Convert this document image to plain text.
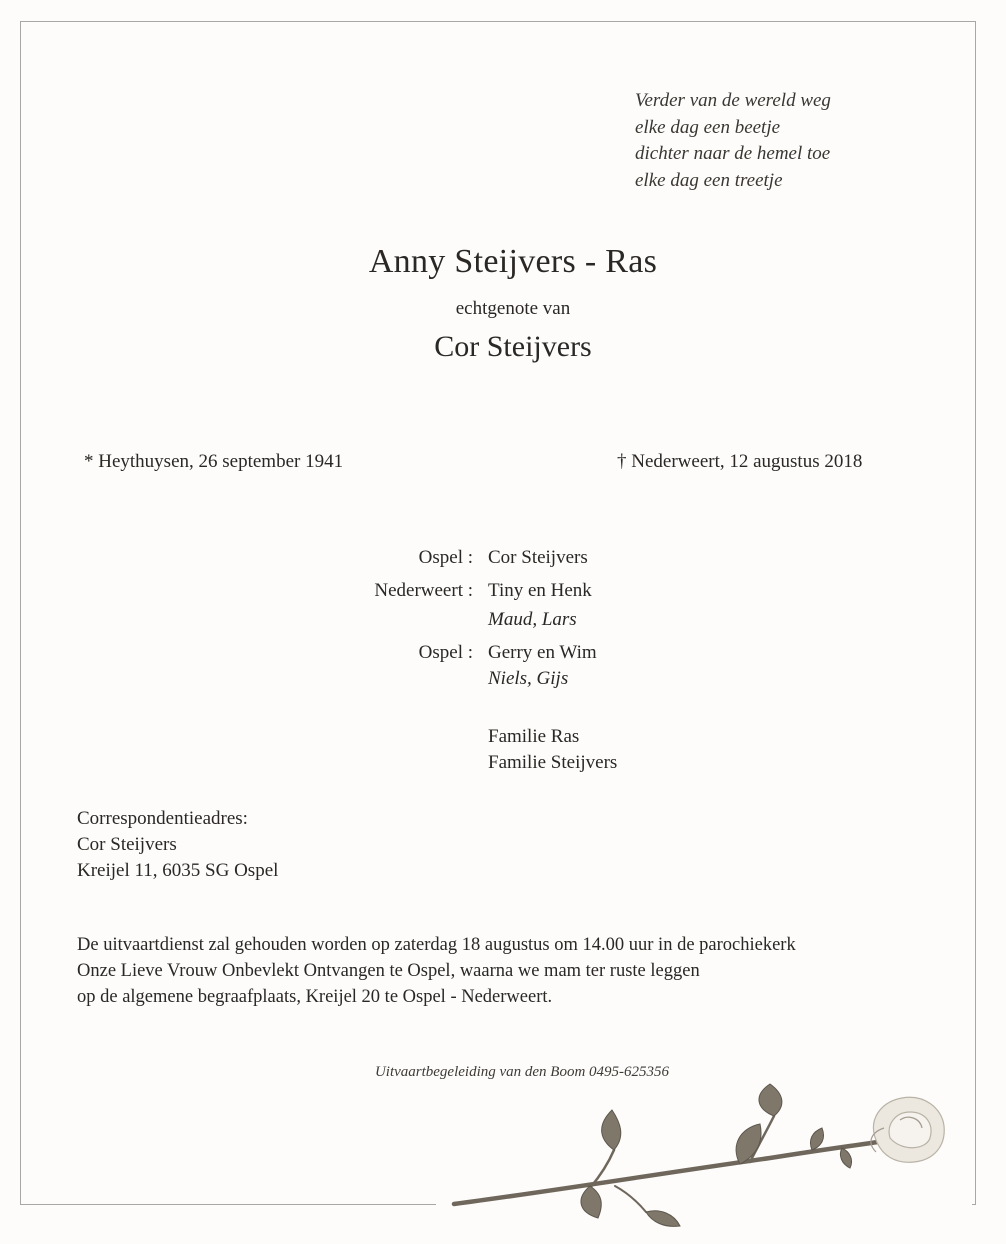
Verder van de wereld weg
elke dag een beetje
dichter naar de hemel toe
elke dag een treetje
Anny Steijvers - Ras
echtgenote van
Cor Steijvers
* Heythuysen, 26 september 1941	† Nederweert, 12 augustus 2018
Ospel : Cor Steijvers
Nederweert : Tiny en Henk
Maud, Lars
Ospel : Gerry en Wim
Niels, Gijs
Familie Ras
Familie Steijvers
Correspondentieadres:
Cor Steijvers
Kreijel 11, 6035 SG Ospel
De uitvaartdienst zal gehouden worden op zaterdag 18 augustus om 14.00 uur in de parochiekerk
Onze Lieve Vrouw Onbevlekt Ontvangen te Ospel, waarna we mam ter ruste leggen
op de algemene begraafplaats, Kreijel 20 te Ospel - Nederweert.
Uitvaartbegeleiding van den Boom 0495-625356
